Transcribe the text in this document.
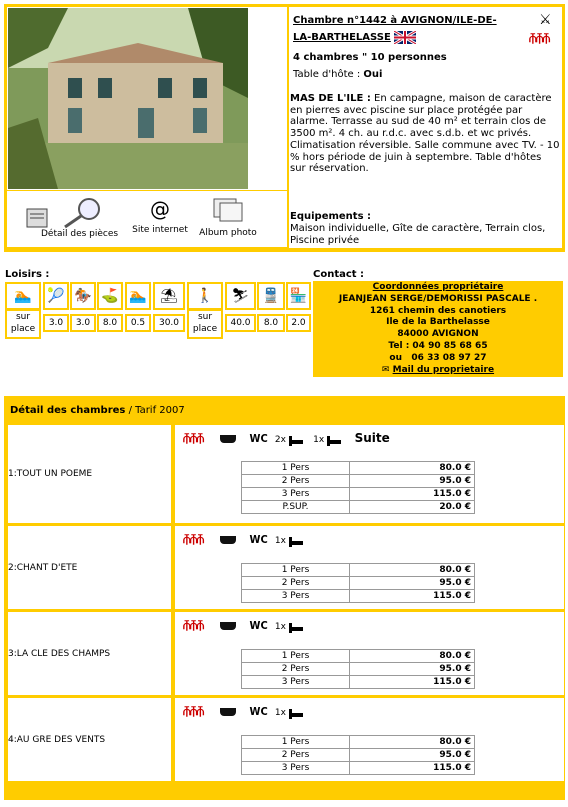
Détail des pièces
@
Site internet	Album photo
Chambre n°1442 à AVIGNON/ILE-DE-LA-BARTHELASSE
⚔
⫚⫚⫚
4 chambres " 10 personnes
Table d'hôte : Oui
MAS DE L'ILE : En campagne, maison de caractère en pierres avec piscine sur place protégée par alarme. Terrasse au sud de 40 m² et terrain clos de 3500 m². 4 ch. au r.d.c. avec s.d.b. et wc privés. Climatisation réversible. Salle commune avec TV. - 10 % hors période de juin à septembre. Table d'hôtes sur réservation.
Equipements :
Maison individuelle, Gîte de caractère, Terrain clos, Piscine privée
Loisirs :
🏊
sur place
🎾
3.0
🏇
3.0
⛳
8.0
🏊
0.5
⛱
30.0
🚶
sur place
⛷
40.0
🚆
8.0
🏪
2.0
Contact :
Coordonnées propriétaire
JEANJEAN SERGE/DEMORISSI PASCALE .
1261 chemin des canotiers
Ile de la Barthelasse
84000 AVIGNON
Tel : 04 90 85 68 65
ou   06 33 08 97 27
✉ Mail du proprietaire
Détail des chambres / Tarif 2007
1:TOUT UN POEME
⫚⫚⫚	WC 2x	1x	Suite
1 Pers	80.0 €
2 Pers	95.0 €
3 Pers	115.0 €
P.SUP.	20.0 €
2:CHANT D'ETE
⫚⫚⫚	WC 1x
1 Pers	80.0 €
2 Pers	95.0 €
3 Pers	115.0 €
3:LA CLE DES CHAMPS
⫚⫚⫚	WC 1x
1 Pers	80.0 €
2 Pers	95.0 €
3 Pers	115.0 €
4:AU GRE DES VENTS
⫚⫚⫚	WC 1x
1 Pers	80.0 €
2 Pers	95.0 €
3 Pers	115.0 €
